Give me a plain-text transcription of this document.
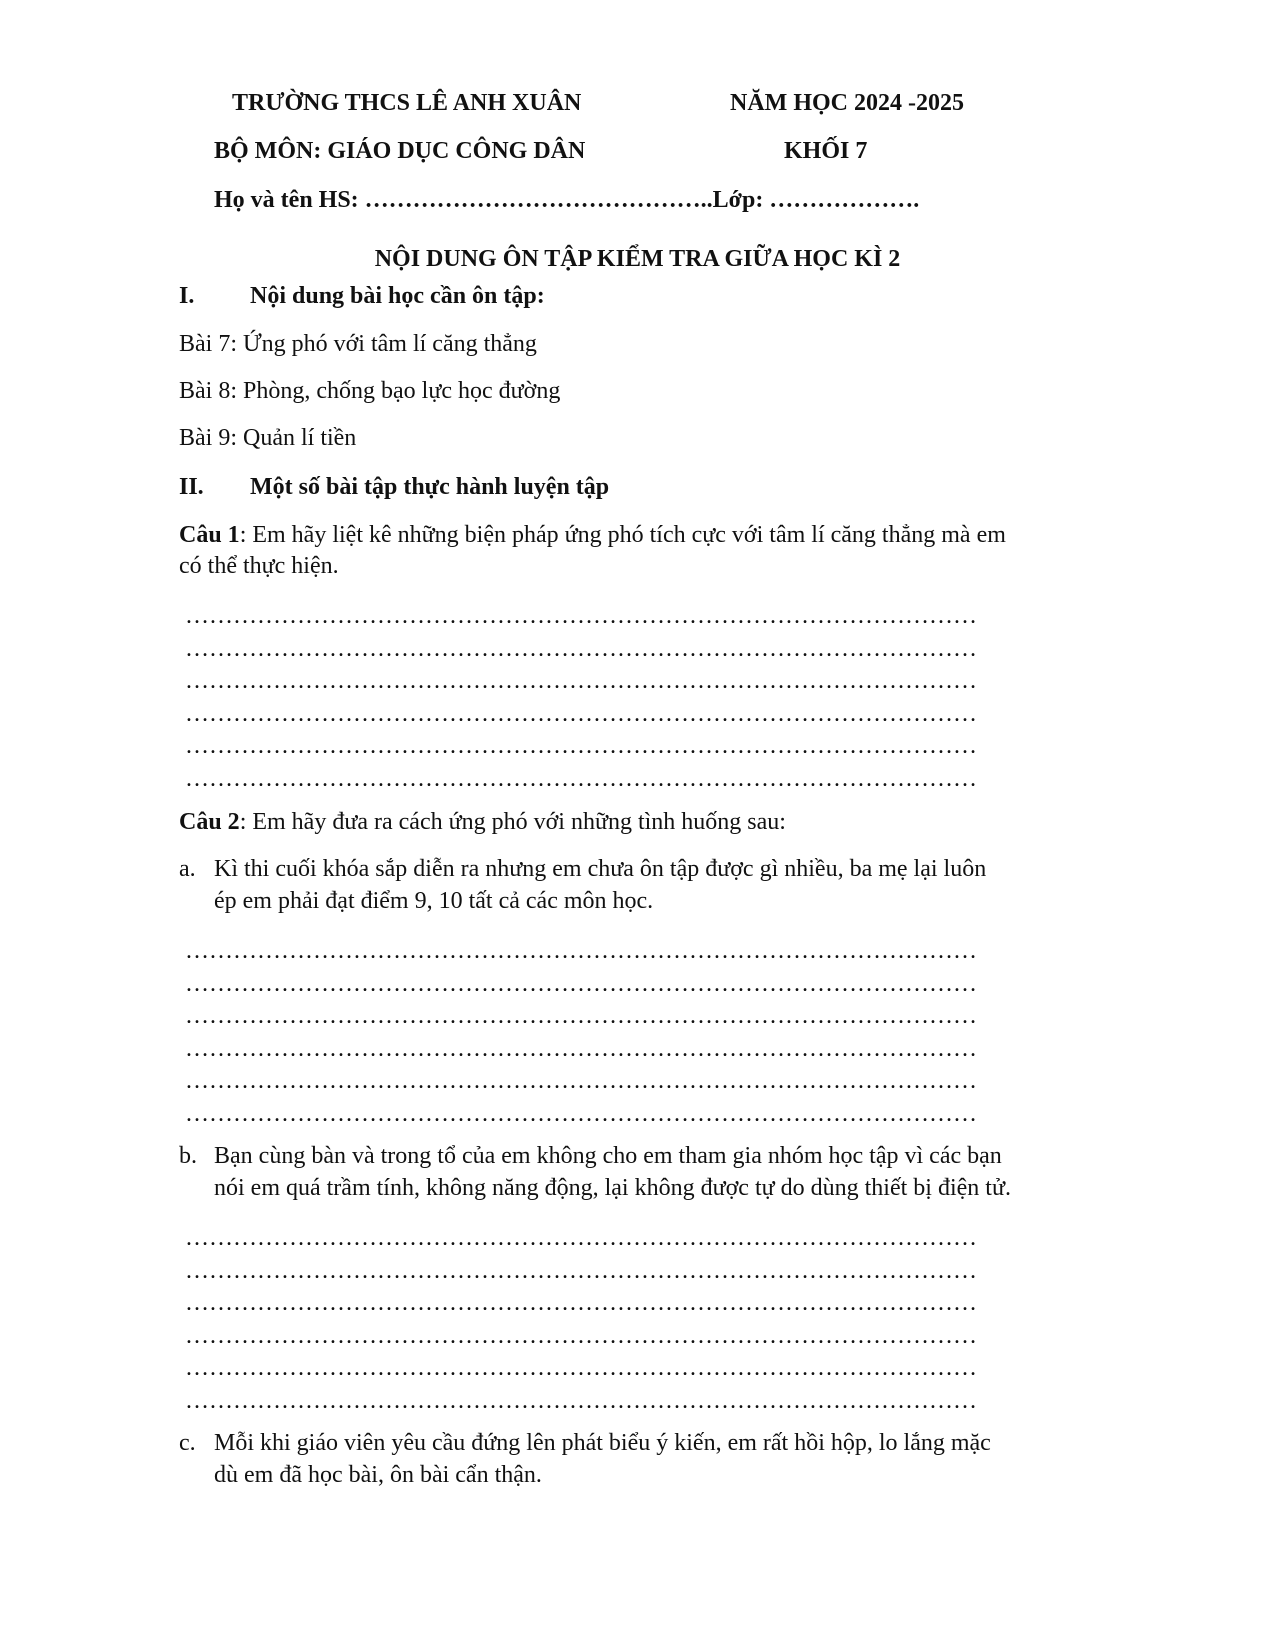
TRƯỜNG THCS LÊ ANH XUÂN	NĂM HỌC 2024 -2025
BỘ MÔN: GIÁO DỤC CÔNG DÂN	KHỐI 7
Họ và tên HS: ……………………………………..Lớp: ……………….
NỘI DUNG ÔN TẬP KIỂM TRA GIỮA HỌC KÌ 2
I. Nội dung bài học cần ôn tập:
Bài 7: Ứng phó với tâm lí căng thẳng
Bài 8: Phòng, chống bạo lực học đường
Bài 9: Quản lí tiền
II. Một số bài tập thực hành luyện tập
Câu 1: Em hãy liệt kê những biện pháp ứng phó tích cực với tâm lí căng thẳng mà em
có thể thực hiện.
………………………………………………………………………………………
………………………………………………………………………………………
………………………………………………………………………………………
………………………………………………………………………………………
………………………………………………………………………………………
………………………………………………………………………………………
Câu 2: Em hãy đưa ra cách ứng phó với những tình huống sau:
a. Kì thi cuối khóa sắp diễn ra nhưng em chưa ôn tập được gì nhiều, ba mẹ lại luôn
ép em phải đạt điểm 9, 10 tất cả các môn học.
………………………………………………………………………………………
………………………………………………………………………………………
………………………………………………………………………………………
………………………………………………………………………………………
………………………………………………………………………………………
………………………………………………………………………………………
b. Bạn cùng bàn và trong tổ của em không cho em tham gia nhóm học tập vì các bạn
nói em quá trầm tính, không năng động, lại không được tự do dùng thiết bị điện tử.
………………………………………………………………………………………
………………………………………………………………………………………
………………………………………………………………………………………
………………………………………………………………………………………
………………………………………………………………………………………
………………………………………………………………………………………
c. Mỗi khi giáo viên yêu cầu đứng lên phát biểu ý kiến, em rất hồi hộp, lo lắng mặc
dù em đã học bài, ôn bài cẩn thận.
